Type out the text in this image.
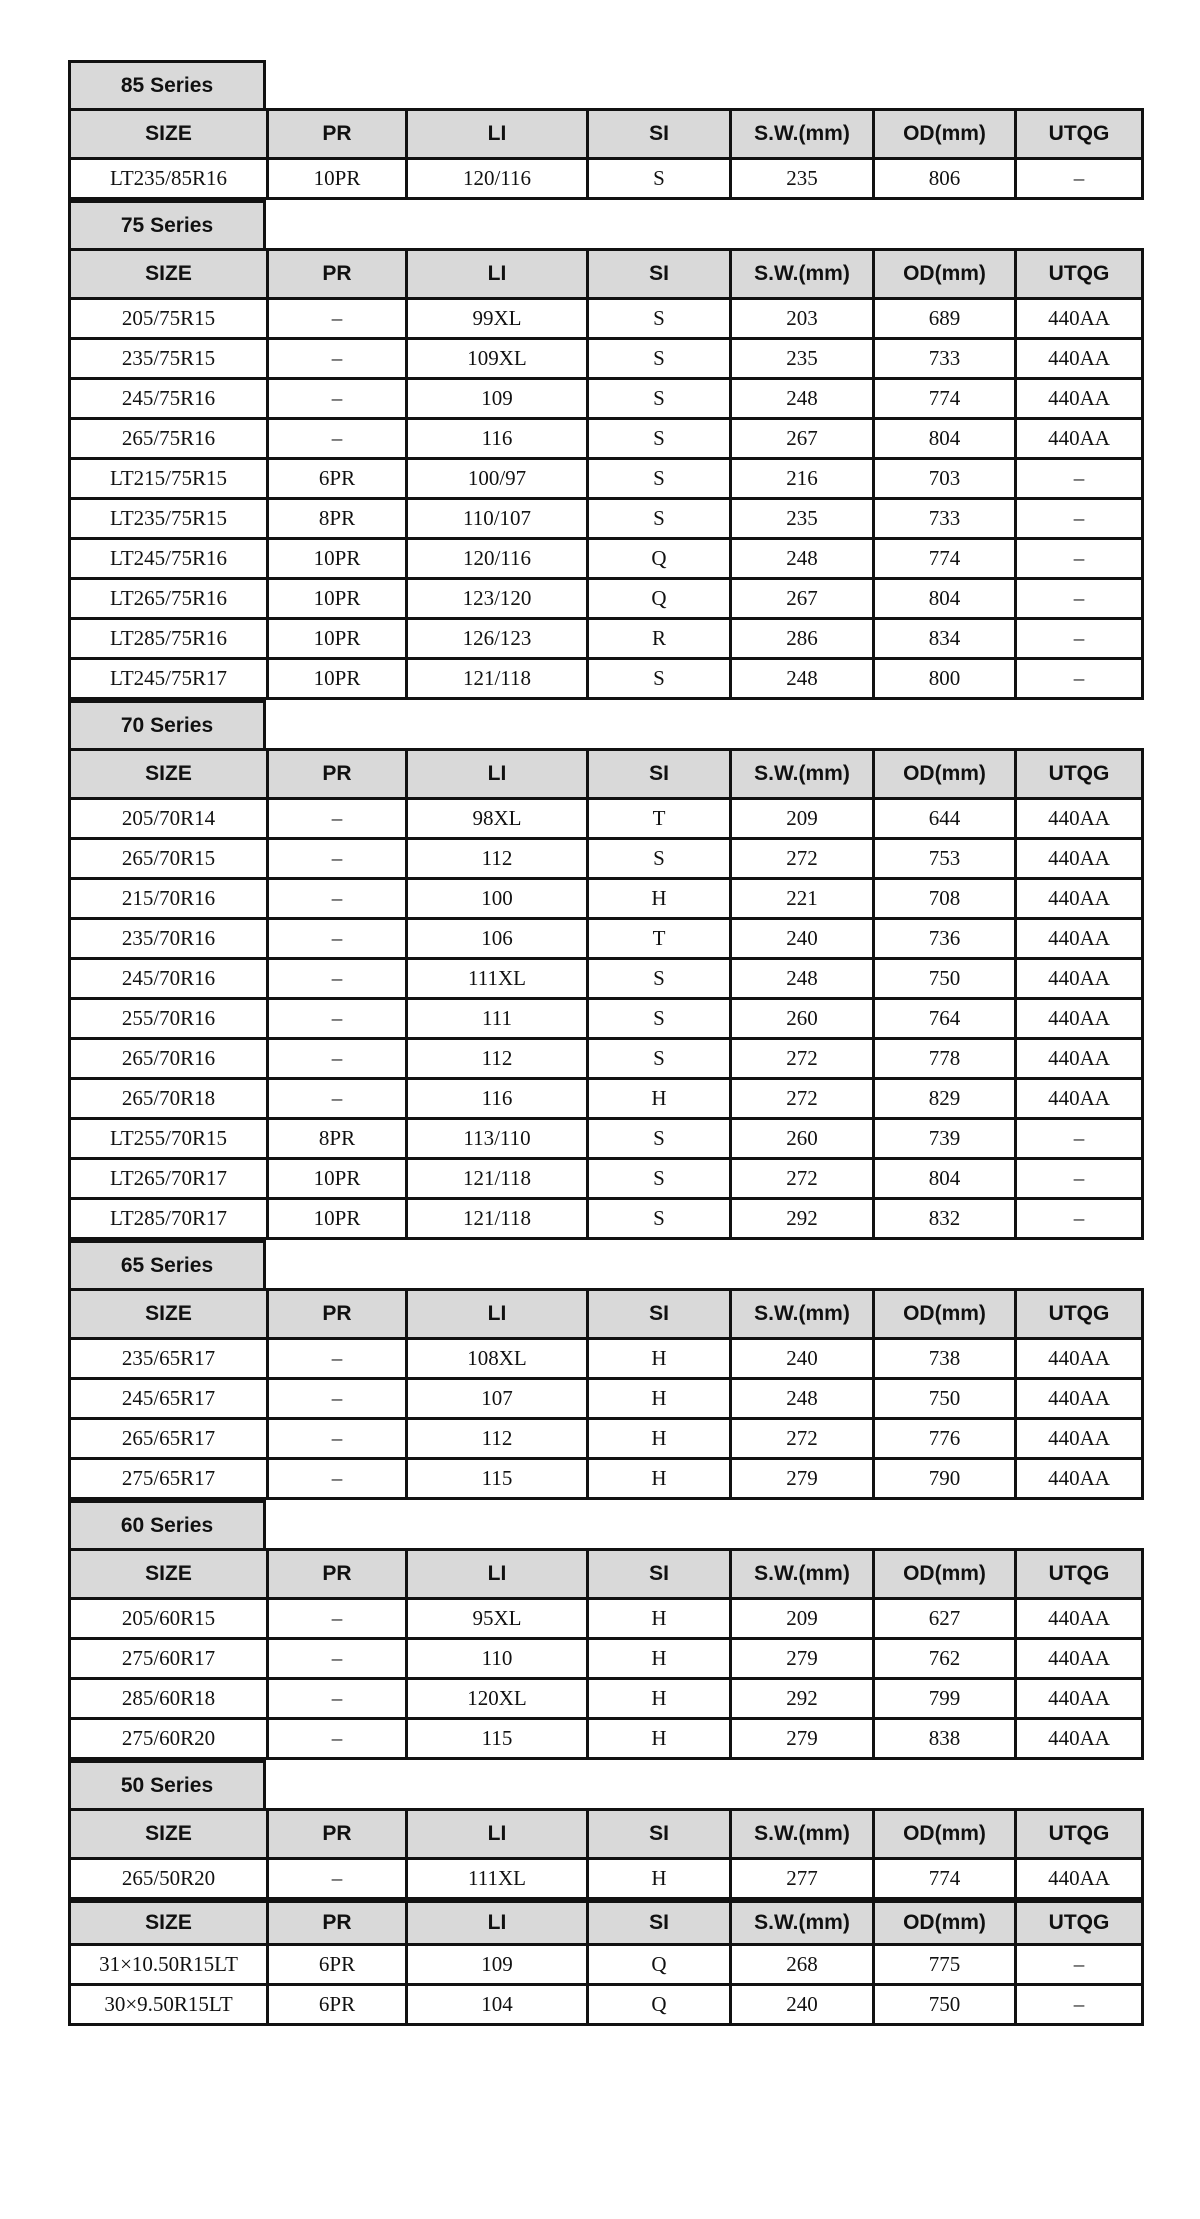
85 Series
SIZE	PR	LI	SI	S.W.(mm)	OD(mm)	UTQG
LT235/85R16	10PR	120/116	S	235	806	–
75 Series
SIZE	PR	LI	SI	S.W.(mm)	OD(mm)	UTQG
205/75R15	–	99XL	S	203	689	440AA
235/75R15	–	109XL	S	235	733	440AA
245/75R16	–	109	S	248	774	440AA
265/75R16	–	116	S	267	804	440AA
LT215/75R15	6PR	100/97	S	216	703	–
LT235/75R15	8PR	110/107	S	235	733	–
LT245/75R16	10PR	120/116	Q	248	774	–
LT265/75R16	10PR	123/120	Q	267	804	–
LT285/75R16	10PR	126/123	R	286	834	–
LT245/75R17	10PR	121/118	S	248	800	–
70 Series
SIZE	PR	LI	SI	S.W.(mm)	OD(mm)	UTQG
205/70R14	–	98XL	T	209	644	440AA
265/70R15	–	112	S	272	753	440AA
215/70R16	–	100	H	221	708	440AA
235/70R16	–	106	T	240	736	440AA
245/70R16	–	111XL	S	248	750	440AA
255/70R16	–	111	S	260	764	440AA
265/70R16	–	112	S	272	778	440AA
265/70R18	–	116	H	272	829	440AA
LT255/70R15	8PR	113/110	S	260	739	–
LT265/70R17	10PR	121/118	S	272	804	–
LT285/70R17	10PR	121/118	S	292	832	–
65 Series
SIZE	PR	LI	SI	S.W.(mm)	OD(mm)	UTQG
235/65R17	–	108XL	H	240	738	440AA
245/65R17	–	107	H	248	750	440AA
265/65R17	–	112	H	272	776	440AA
275/65R17	–	115	H	279	790	440AA
60 Series
SIZE	PR	LI	SI	S.W.(mm)	OD(mm)	UTQG
205/60R15	–	95XL	H	209	627	440AA
275/60R17	–	110	H	279	762	440AA
285/60R18	–	120XL	H	292	799	440AA
275/60R20	–	115	H	279	838	440AA
50 Series
SIZE	PR	LI	SI	S.W.(mm)	OD(mm)	UTQG
265/50R20	–	111XL	H	277	774	440AA
SIZE	PR	LI	SI	S.W.(mm)	OD(mm)	UTQG
31×10.50R15LT	6PR	109	Q	268	775	–
30×9.50R15LT	6PR	104	Q	240	750	–
